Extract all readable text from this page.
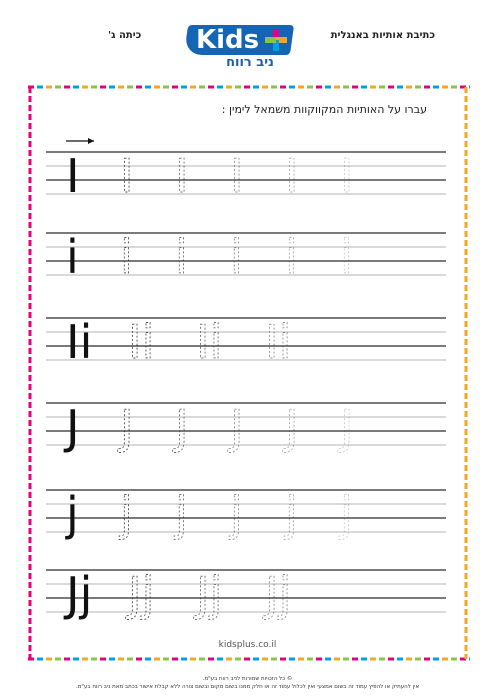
כתיבת אותיות באנגלית
כיתה ג' Kids
ניב רווח
I I I I I I
i i i i i i
Ii Ii Ii Ii
J J J J J J
j j j j j j
Jj Jj Jj Jj
עברו על האותיות המקווקוות משמאל לימין :
kidsplus.co.il
© כל הזכויות שמורות לניב רווח בע"מ.
אין להעתיק או להפיץ עמוד זה בשום אמצעי ואין לכלול עמוד זה או חלק ממנו בשום מקום ובשום צורה ללא קבלת אישור בכתב מאת ניב רווח בע"מ.
